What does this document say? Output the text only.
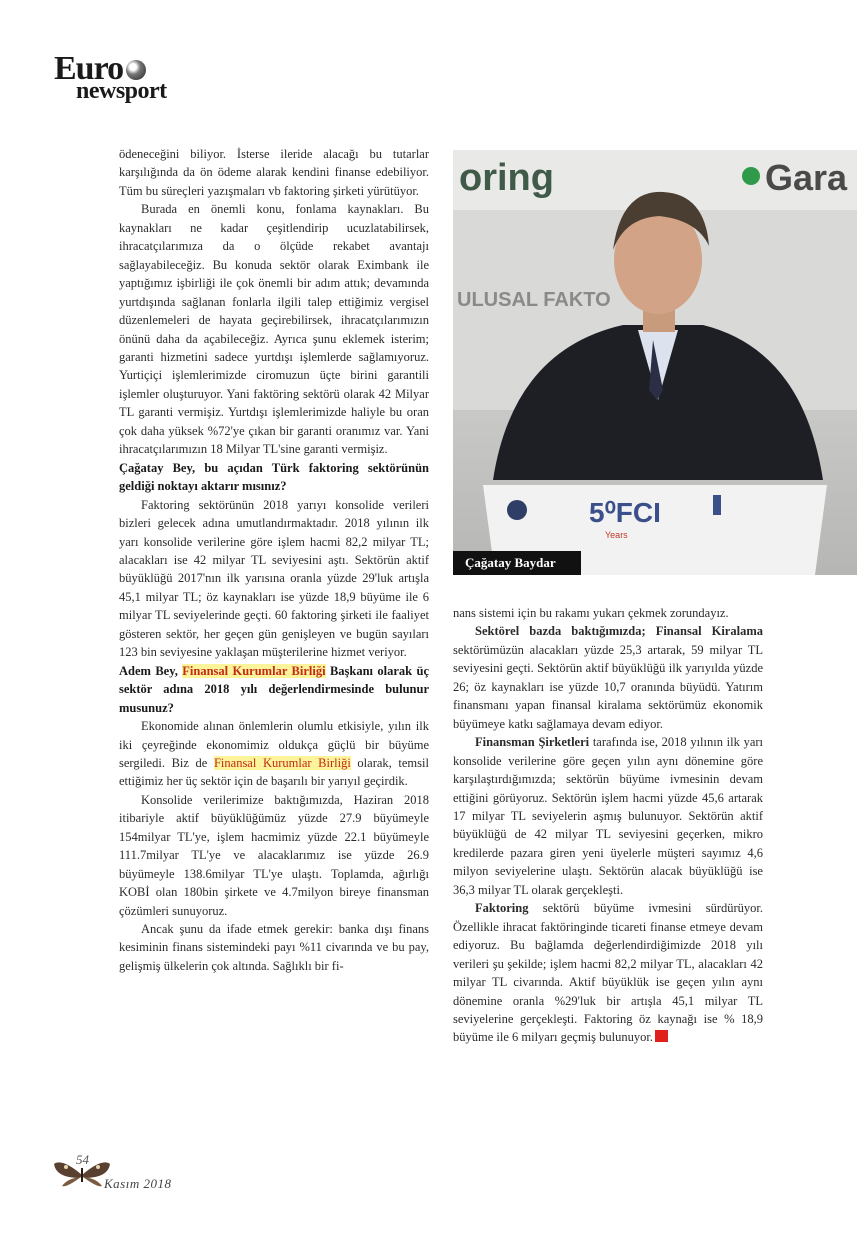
Euro
newsport

ödeneceğini biliyor. İsterse ileride alacağı bu tutarlar karşılığında da ön ödeme alarak kendini finanse edebiliyor. Tüm bu süreçleri yazışmaları vb faktoring şirketi yürütüyor.

Burada en önemli konu, fonlama kaynakları. Bu kaynakları ne kadar çeşitlendirip ucuzlatabilirsek, ihracatçılarımıza da o ölçüde rekabet avantajı sağlayabileceğiz. Bu konuda sektör olarak Eximbank ile yaptığımız işbirliği ile çok önemli bir adım attık; devamında yurtdışında sağlanan fonlarla ilgili talep ettiğimiz vergisel düzenlemeleri de hayata geçirebilirsek, ihracatçılarımızın önünü daha da açabileceğiz. Ayrıca şunu eklemek isterim; garanti hizmetini sadece yurtdışı işlemlerde sağlamıyoruz. Yurtiçiçi işlemlerimizde ciromuzun üçte birini garantili işlemler oluşturuyor. Yani faktöring sektörü olarak 42 Milyar TL garanti vermişiz. Yurtdışı işlemlerimizde haliyle bu oran çok daha yüksek %72'ye çıkan bir garanti oranımız var. Yani ihracatçılarımızın 18 Milyar TL'sine garanti vermişiz.

Çağatay Bey, bu açıdan Türk faktoring sektörünün geldiği noktayı aktarır mısınız?

Faktoring sektörünün 2018 yarıyı konsolide verileri bizleri gelecek adına umutlandırmaktadır. 2018 yılının ilk yarı konsolide verilerine göre işlem hacmi 82,2 milyar TL; alacakları ise 42 milyar TL seviyesini aştı. Sektörün aktif büyüklüğü 2017'nın ilk yarısına oranla yüzde 29'luk artışla 45,1 milyar TL; öz kaynakları ise yüzde 18,9 büyüme ile 6 milyar TL seviyelerinde geçti. 60 faktoring şirketi ile faaliyet gösteren sektör, her geçen gün genişleyen ve bugün sayıları 123 bin seviyesine yaklaşan müşterilerine hizmet veriyor.

Adem Bey, Finansal Kurumlar Birliği Başkanı olarak üç sektör adına 2018 yılı değerlendirmesinde bulunur musunuz?

Ekonomide alınan önlemlerin olumlu etkisiyle, yılın ilk iki çeyreğinde ekonomimiz oldukça güçlü bir büyüme sergiledi. Biz de Finansal Kurumlar Birliği olarak, temsil ettiğimiz her üç sektör için de başarılı bir yarıyıl geçirdik.

Konsolide verilerimize baktığımızda, Haziran 2018 itibariyle aktif büyüklüğümüz yüzde 27.9 büyümeyle 154milyar TL'ye, işlem hacmimiz yüzde 22.1 büyümeyle 111.7milyar TL'ye ve alacaklarımız ise yüzde 26.9 büyümeyle 138.6milyar TL'ye ulaştı. Toplamda, ağırlığı KOBİ olan 180bin şirkete ve 4.7milyon bireye finansman çözümleri sunuyoruz.

Ancak şunu da ifade etmek gerekir: banka dışı finans kesiminin finans sistemindeki payı %11 civarında ve bu pay, gelişmiş ülkelerin çok altında. Sağlıklı bir fi-

oring	Gara
ULUSAL FAKTO
5⁰FCI
Years
Çağatay Baydar

nans sistemi için bu rakamı yukarı çekmek zorundayız.

Sektörel bazda baktığımızda; Finansal Kiralama sektörümüzün alacakları yüzde 25,3 artarak, 59 milyar TL seviyesini geçti. Sektörün aktif büyüklüğü ilk yarıyılda yüzde 26; öz kaynakları ise yüzde 10,7 oranında büyüdü. Yatırım finansmanı yapan finansal kiralama sektörümüz ekonomik büyümeye katkı sağlamaya devam ediyor.

Finansman Şirketleri tarafında ise, 2018 yılının ilk yarı konsolide verilerine göre geçen yılın aynı dönemine göre karşılaştırdığımızda; sektörün büyüme ivmesinin devam ettiğini görüyoruz. Sektörün işlem hacmi yüzde 45,6 artarak 17 milyar TL seviyelerin aşmış bulunuyor. Sektörün aktif büyüklüğü de 42 milyar TL seviyesini geçerken, mikro kredilerde pazara giren yeni üyelerle müşteri sayımız 4,6 milyon seviyelerine ulaştı. Sektörün alacak büyüklüğü ise 36,3 milyar TL olarak gerçekleşti.

Faktoring sektörü büyüme ivmesini sürdürüyor. Özellikle ihracat faktöringinde ticareti finanse etmeye devam ediyoruz. Bu bağlamda değerlendirdiğimizde 2018 yılı verileri şu şekilde; işlem hacmi 82,2 milyar TL, alacakları 42 milyar TL civarında. Aktif büyüklük ise geçen yılın aynı dönemine oranla %29'luk bir artışla 45,1 milyar TL seviyelerine gerçekleşti. Faktoring öz kaynağı ise % 18,9 büyüme ile 6 milyarı geçmiş bulunuyor.

54
Kasım 2018
